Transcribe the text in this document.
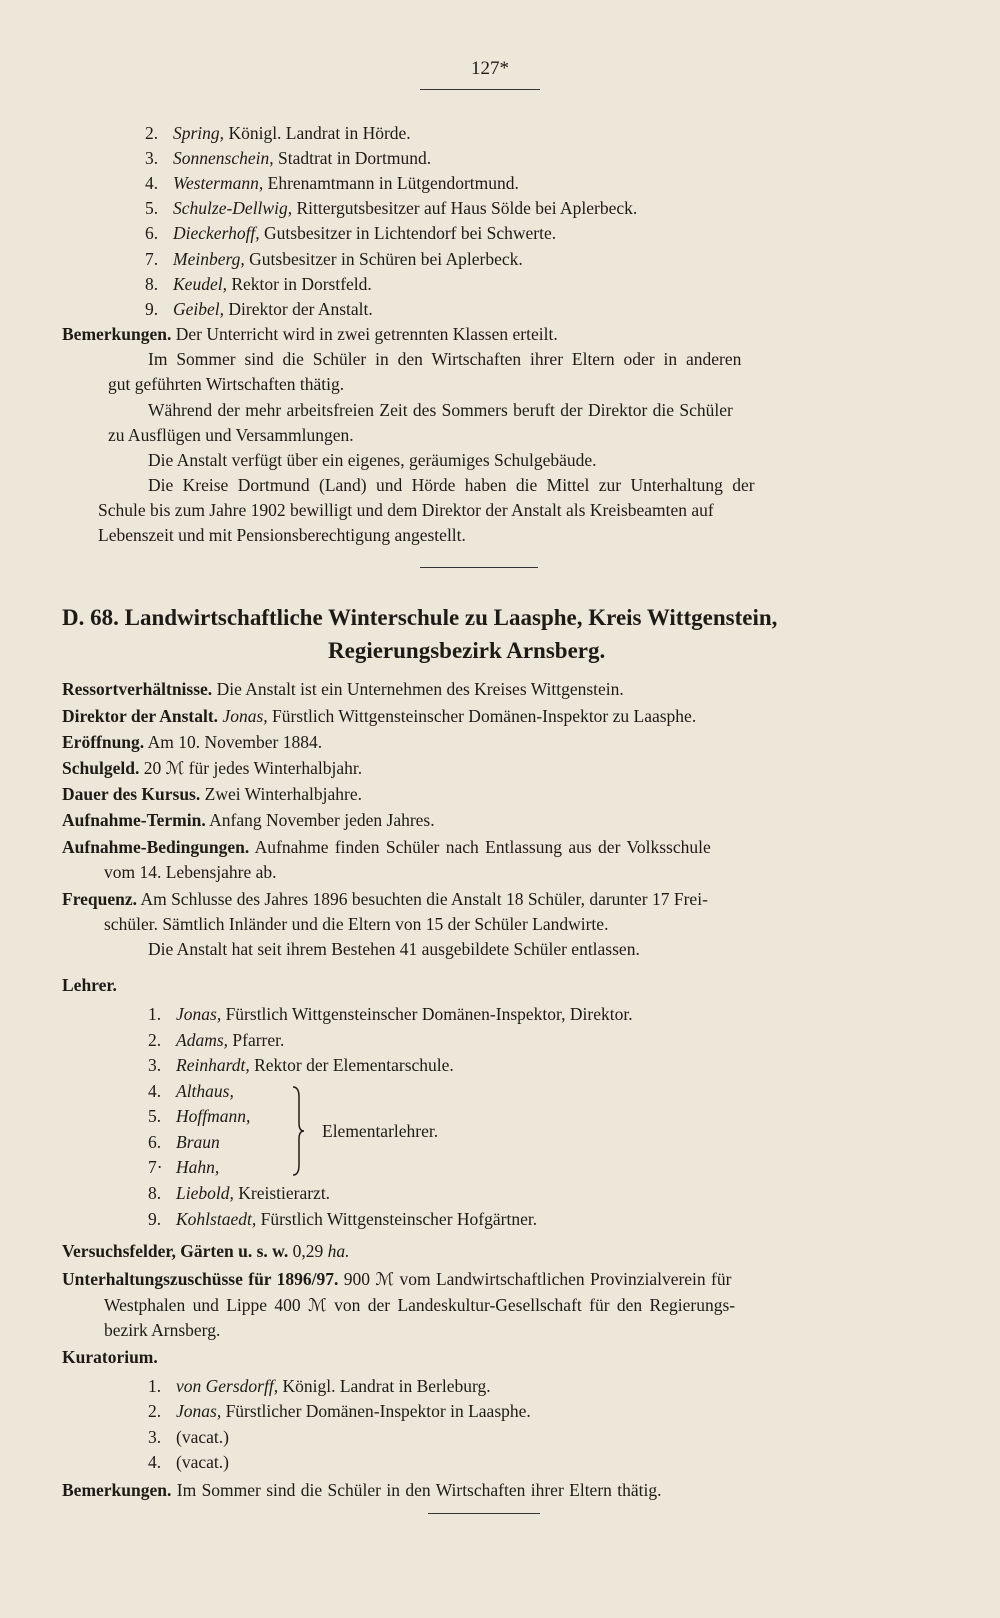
127*
2. Spring, Königl. Landrat in Hörde.
3. Sonnenschein, Stadtrat in Dortmund.
4. Westermann, Ehrenamtmann in Lütgendortmund.
5. Schulze-Dellwig, Rittergutsbesitzer auf Haus Sölde bei Aplerbeck.
6. Dieckerhoff, Gutsbesitzer in Lichtendorf bei Schwerte.
7. Meinberg, Gutsbesitzer in Schüren bei Aplerbeck.
8. Keudel, Rektor in Dorstfeld.
9. Geibel, Direktor der Anstalt.
Bemerkungen. Der Unterricht wird in zwei getrennten Klassen erteilt.
Im Sommer sind die Schüler in den Wirtschaften ihrer Eltern oder in anderen
gut geführten Wirtschaften thätig.
Während der mehr arbeitsfreien Zeit des Sommers beruft der Direktor die Schüler
zu Ausflügen und Versammlungen.
Die Anstalt verfügt über ein eigenes, geräumiges Schulgebäude.
Die Kreise Dortmund (Land) und Hörde haben die Mittel zur Unterhaltung der
Schule bis zum Jahre 1902 bewilligt und dem Direktor der Anstalt als Kreisbeamten auf
Lebenszeit und mit Pensionsberechtigung angestellt.
D. 68. Landwirtschaftliche Winterschule zu Laasphe, Kreis Wittgenstein,
Regierungsbezirk Arnsberg.
Ressortverhältnisse. Die Anstalt ist ein Unternehmen des Kreises Wittgenstein.
Direktor der Anstalt. Jonas, Fürstlich Wittgensteinscher Domänen-Inspektor zu Laasphe.
Eröffnung. Am 10. November 1884.
Schulgeld. 20 ℳ für jedes Winterhalbjahr.
Dauer des Kursus. Zwei Winterhalbjahre.
Aufnahme-Termin. Anfang November jeden Jahres.
Aufnahme-Bedingungen. Aufnahme finden Schüler nach Entlassung aus der Volksschule
vom 14. Lebensjahre ab.
Frequenz. Am Schlusse des Jahres 1896 besuchten die Anstalt 18 Schüler, darunter 17 Frei-
schüler. Sämtlich Inländer und die Eltern von 15 der Schüler Landwirte.
Die Anstalt hat seit ihrem Bestehen 41 ausgebildete Schüler entlassen.
Lehrer.
1. Jonas, Fürstlich Wittgensteinscher Domänen-Inspektor, Direktor.
2. Adams, Pfarrer.
3. Reinhardt, Rektor der Elementarschule.
4. Althaus,
5. Hoffmann,
6. Braun
7· Hahn,
8. Liebold, Kreistierarzt.
9. Kohlstaedt, Fürstlich Wittgensteinscher Hofgärtner.
Elementarlehrer.
Versuchsfelder, Gärten u. s. w. 0,29 ha.
Unterhaltungszuschüsse für 1896/97. 900 ℳ vom Landwirtschaftlichen Provinzialverein für
Westphalen und Lippe 400 ℳ von der Landeskultur-Gesellschaft für den Regierungs-
bezirk Arnsberg.
Kuratorium.
1. von Gersdorff, Königl. Landrat in Berleburg.
2. Jonas, Fürstlicher Domänen-Inspektor in Laasphe.
3. (vacat.)
4. (vacat.)
Bemerkungen. Im Sommer sind die Schüler in den Wirtschaften ihrer Eltern thätig.
